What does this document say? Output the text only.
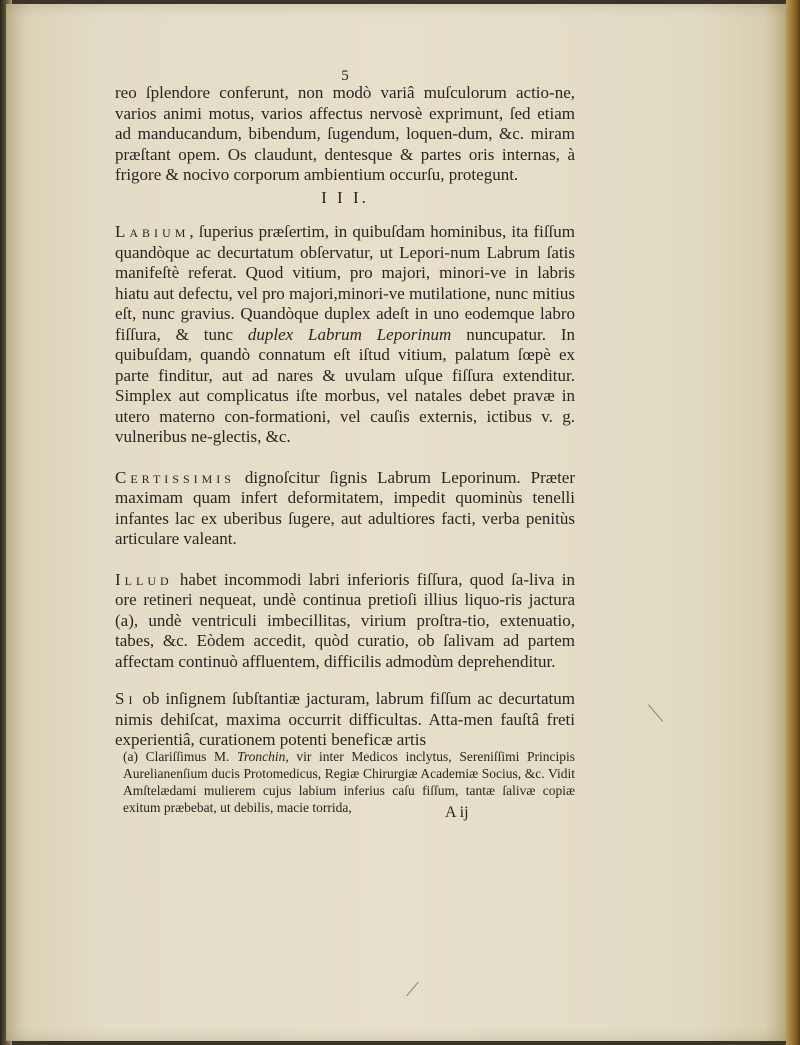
5

reo ſplendore conferunt, non modò variâ muſculorum actio-ne, varios animi motus, varios affectus nervosè exprimunt, ſed etiam ad manducandum, bibendum, ſugendum, loquen-dum, &c. miram præſtant opem. Os claudunt, dentesque & partes oris internas, à frigore & nocivo corporum ambientium occurſu, protegunt.

I I I.

Labium, ſuperius præſertim, in quibuſdam hominibus, ita fiſſum quandòque ac decurtatum obſervatur, ut Lepori-num Labrum ſatis manifeſtè referat. Quod vitium, pro majori, minori-ve in labris hiatu aut defectu, vel pro majori,minori-ve mutilatione, nunc mitius eſt, nunc gravius. Quandòque duplex adeſt in uno eodemque labro fiſſura, & tunc duplex Labrum Leporinum nuncupatur. In quibuſdam, quandò connatum eſt iſtud vitium, palatum ſœpè ex parte finditur, aut ad nares & uvulam uſque fiſſura extenditur. Simplex aut complicatus iſte morbus, vel natales debet pravæ in utero materno con-formationi, vel cauſis externis, ictibus v. g. vulneribus ne-glectis, &c.

Certissimis dignoſcitur ſignis Labrum Leporinum. Præter maximam quam infert deformitatem, impedit quominùs tenelli infantes lac ex uberibus ſugere, aut adultiores facti, verba penitùs articulare valeant.

Illud habet incommodi labri inferioris fiſſura, quod ſa-liva in ore retineri nequeat, undè continua pretioſi illius liquo-ris jactura (a), undè ventriculi imbecillitas, virium proſtra-tio, extenuatio, tabes, &c. Eòdem accedit, quòd curatio, ob ſalivam ad partem affectam continuò affluentem, difficilis admodùm deprehenditur.

Si ob inſignem ſubſtantiæ jacturam, labrum fiſſum ac decurtatum nimis dehiſcat, maxima occurrit difficultas. Atta-men fauſtâ freti experientiâ, curationem potenti beneficæ artis

(a) Clariſſimus M. Tronchin, vir inter Medicos inclytus, Sereniſſimi Principis Aurelianenſium ducis Protomedicus, Regiæ Chirurgiæ Academiæ Socius, &c. Vidit Amſtelædami mulierem cujus labium inferius caſu fiſſum, tantæ ſalivæ copiæ exitum præbebat, ut debilis, macie torrida,	A ij
